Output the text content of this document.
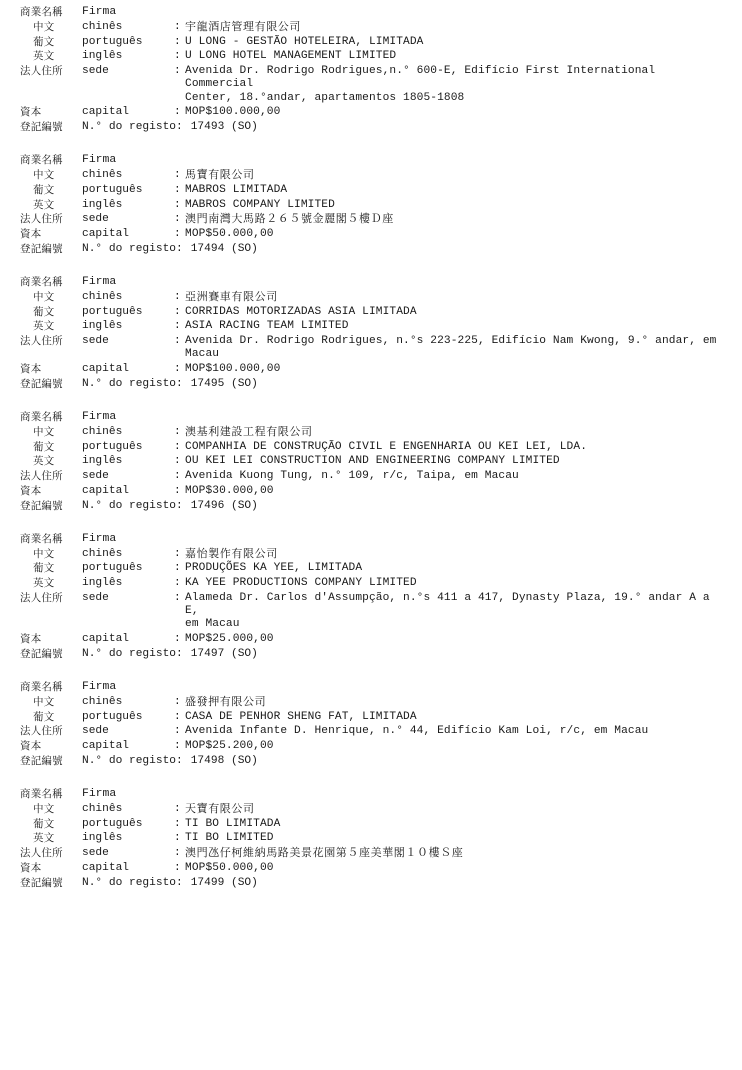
商業名稱	Firma
中文	chinês	: 宇龍酒店管理有限公司
葡文	português	: U LONG - GESTÃO HOTELEIRA, LIMITADA
英文	inglês	: U LONG HOTEL MANAGEMENT LIMITED
法人住所	sede	: Avenida Dr. Rodrigo Rodrigues,n.° 600-E, Edifício First International Commercial
Center, 18.°andar, apartamentos 1805-1808
資本	capital	: MOP$100.000,00
登記編號	N.° do registo: 17493 (SO)
商業名稱	Firma
中文	chinês	: 馬寶有限公司
葡文	português	: MABROS LIMITADA
英文	inglês	: MABROS COMPANY LIMITED
法人住所	sede	: 澳門南灣大馬路２６５號金麗閣５樓Ｄ座
資本	capital	: MOP$50.000,00
登記編號	N.° do registo: 17494 (SO)
商業名稱	Firma
中文	chinês	: 亞洲賽車有限公司
葡文	português	: CORRIDAS MOTORIZADAS ASIA LIMITADA
英文	inglês	: ASIA RACING TEAM LIMITED
法人住所	sede	: Avenida Dr. Rodrigo Rodrigues, n.°s 223-225, Edifício Nam Kwong, 9.° andar, em
Macau
資本	capital	: MOP$100.000,00
登記編號	N.° do registo: 17495 (SO)
商業名稱	Firma
中文	chinês	: 澳基利建設工程有限公司
葡文	português	: COMPANHIA DE CONSTRUÇÃO CIVIL E ENGENHARIA OU KEI LEI, LDA.
英文	inglês	: OU KEI LEI CONSTRUCTION AND ENGINEERING COMPANY LIMITED
法人住所	sede	: Avenida Kuong Tung, n.° 109, r/c, Taipa, em Macau
資本	capital	: MOP$30.000,00
登記編號	N.° do registo: 17496 (SO)
商業名稱	Firma
中文	chinês	: 嘉怡製作有限公司
葡文	português	: PRODUÇÕES KA YEE, LIMITADA
英文	inglês	: KA YEE PRODUCTIONS COMPANY LIMITED
法人住所	sede	: Alameda Dr. Carlos d'Assumpção, n.°s 411 a 417, Dynasty Plaza, 19.° andar A a E,
em Macau
資本	capital	: MOP$25.000,00
登記編號	N.° do registo: 17497 (SO)
商業名稱	Firma
中文	chinês	: 盛發押有限公司
葡文	português	: CASA DE PENHOR SHENG FAT, LIMITADA
法人住所	sede	: Avenida Infante D. Henrique, n.° 44, Edifício Kam Loi, r/c, em Macau
資本	capital	: MOP$25.200,00
登記編號	N.° do registo: 17498 (SO)
商業名稱	Firma
中文	chinês	: 天寶有限公司
葡文	português	: TI BO LIMITADA
英文	inglês	: TI BO LIMITED
法人住所	sede	: 澳門氹仔柯維納馬路美景花園第５座美華閣１０樓Ｓ座
資本	capital	: MOP$50.000,00
登記編號	N.° do registo: 17499 (SO)
